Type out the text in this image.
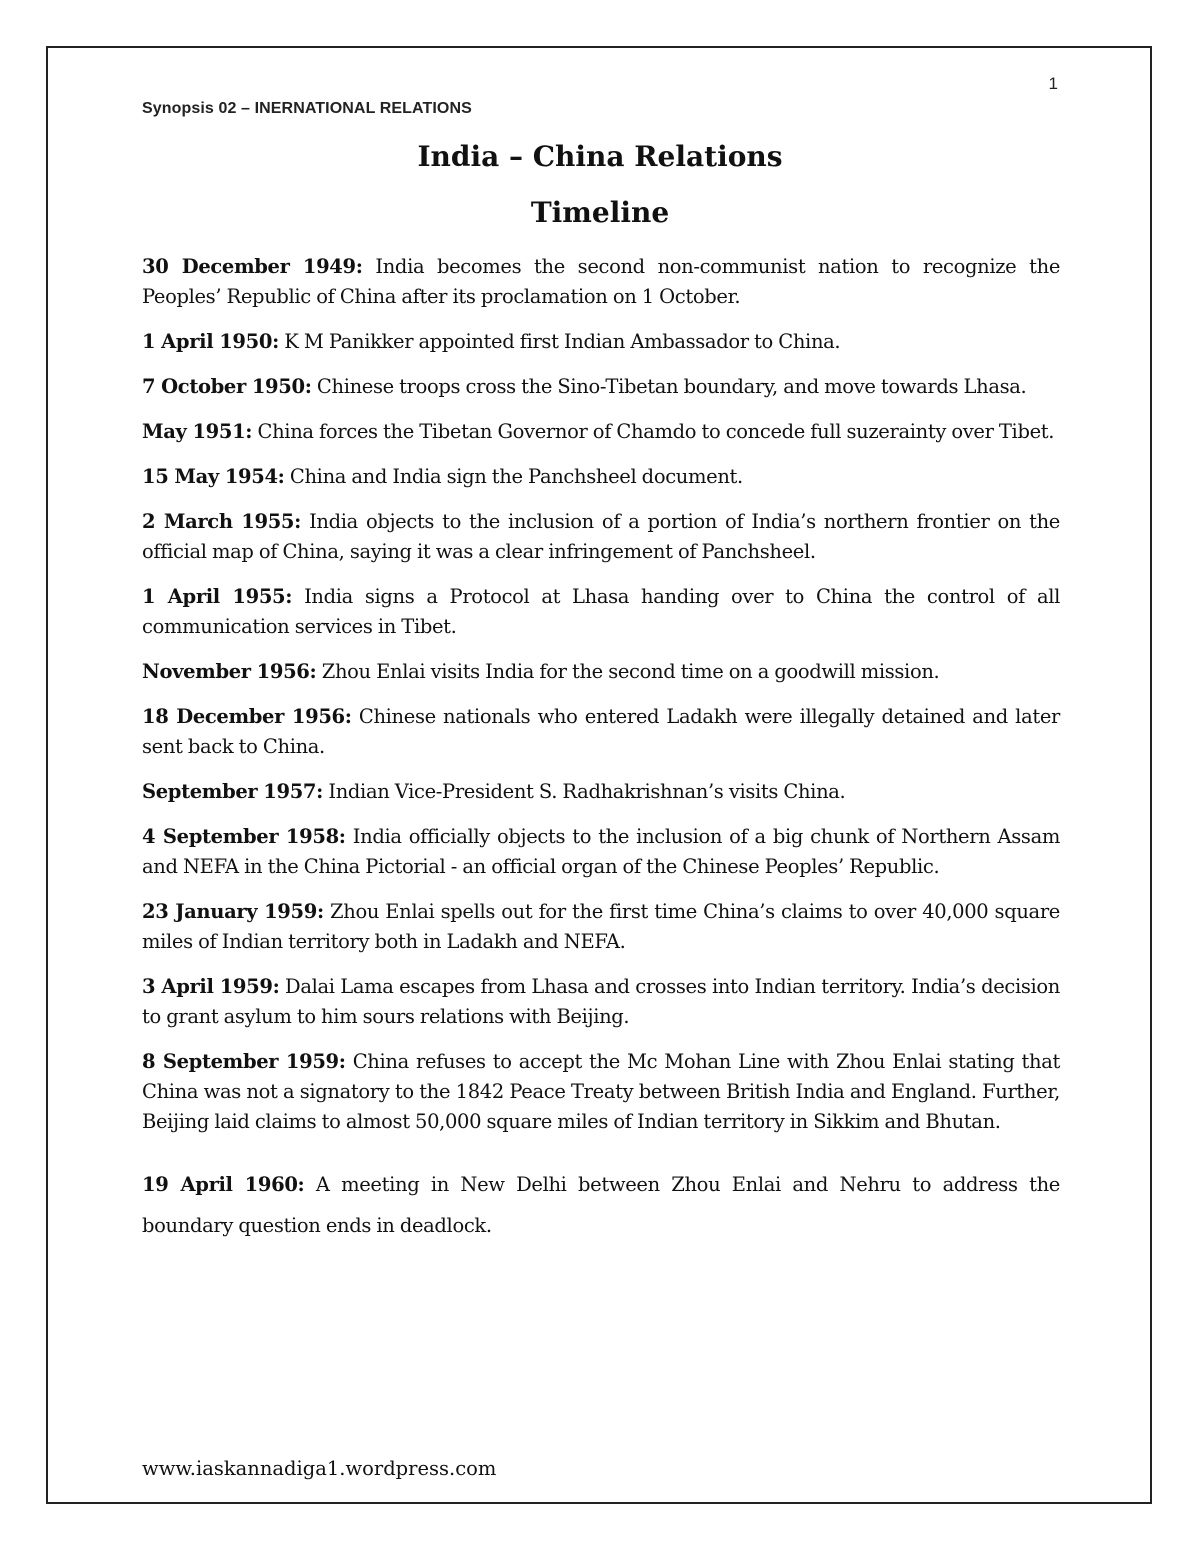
1
Synopsis 02 – INERNATIONAL RELATIONS
India – China Relations
Timeline
30 December 1949: India becomes the second non-communist nation to recognize the Peoples’ Republic of China after its proclamation on 1 October.
1 April 1950: K M Panikker appointed first Indian Ambassador to China.
7 October 1950: Chinese troops cross the Sino-Tibetan boundary, and move towards Lhasa.
May 1951: China forces the Tibetan Governor of Chamdo to concede full suzerainty over Tibet.
15 May 1954: China and India sign the Panchsheel document.
2 March 1955: India objects to the inclusion of a portion of India’s northern frontier on the official map of China, saying it was a clear infringement of Panchsheel.
1 April 1955: India signs a Protocol at Lhasa handing over to China the control of all communication services in Tibet.
November 1956: Zhou Enlai visits India for the second time on a goodwill mission.
18 December 1956: Chinese nationals who entered Ladakh were illegally detained and later sent back to China.
September 1957: Indian Vice-President S. Radhakrishnan’s visits China.
4 September 1958: India officially objects to the inclusion of a big chunk of Northern Assam and NEFA in the China Pictorial - an official organ of the Chinese Peoples’ Republic.
23 January 1959: Zhou Enlai spells out for the first time China’s claims to over 40,000 square miles of Indian territory both in Ladakh and NEFA.
3 April 1959: Dalai Lama escapes from Lhasa and crosses into Indian territory. India’s decision to grant asylum to him sours relations with Beijing.
8 September 1959: China refuses to accept the Mc Mohan Line with Zhou Enlai stating that China was not a signatory to the 1842 Peace Treaty between British India and England. Further, Beijing laid claims to almost 50,000 square miles of Indian territory in Sikkim and Bhutan.
19 April 1960: A meeting in New Delhi between Zhou Enlai and Nehru to address the boundary question ends in deadlock.
www.iaskannadiga1.wordpress.com
